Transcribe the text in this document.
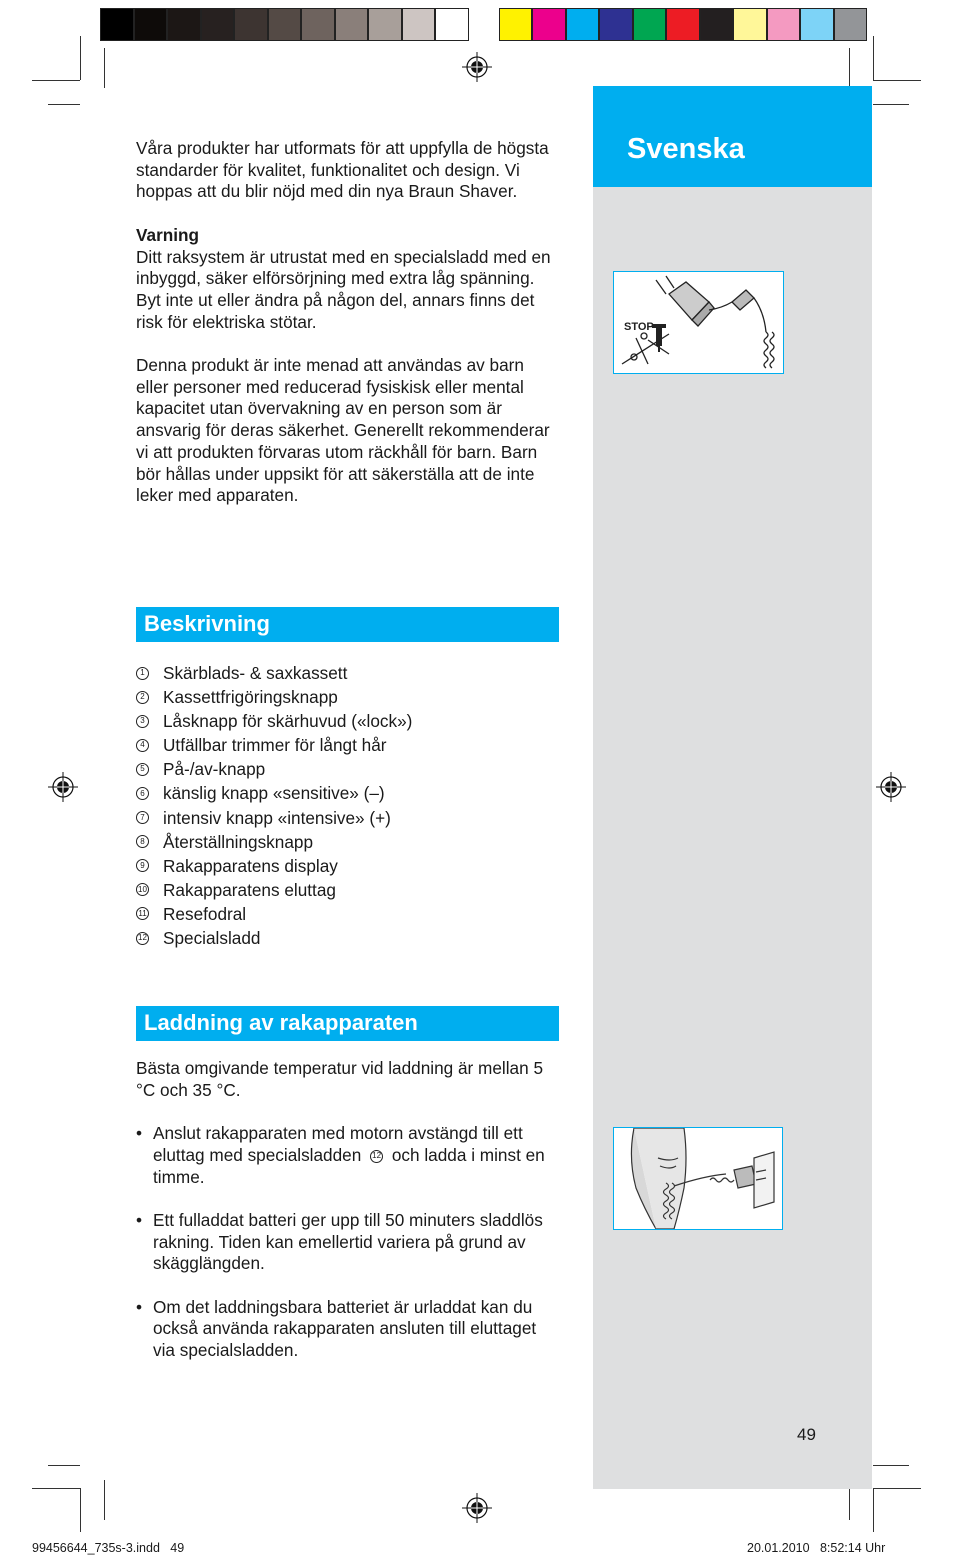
Svenska
STOP

Våra produkter har utformats för att uppfylla de högsta standarder för kvalitet, funktionalitet och design. Vi hoppas att du blir nöjd med din nya Braun Shaver.

Varning

Ditt raksystem är utrustat med en specialsladd med en inbyggd, säker elförsörjning med extra låg spänning. Byt inte ut eller ändra på någon del, annars finns det risk för elektriska stötar.

Denna produkt är inte menad att användas av barn eller personer med reducerad fysiskisk eller mental kapacitet utan övervakning av en person som är ansvarig för deras säkerhet. Generellt rekommenderar vi att produkten förvaras utom räckhåll för barn. Barn bör hållas under uppsikt för att säkerställa att de inte leker med apparaten.

Beskrivning
1 Skärblads- & saxkassett
2 Kassettfrigöringsknapp
3 Låsknapp för skärhuvud («lock»)
4 Utfällbar trimmer för långt hår
5 På-/av-knapp
6 känslig knapp «sensitive» (–)
7 intensiv knapp «intensive» (+)
8 Återställningsknapp
9 Rakapparatens display
10 Rakapparatens eluttag
11 Resefodral
12 Specialsladd
Laddning av rakapparaten

Bästa omgivande temperatur vid laddning är mellan 5 °C och 35 °C.

• Anslut rakapparaten med motorn avstängd till ett eluttag med specialsladden 12 och ladda i minst en timme.
• Ett fulladdat batteri ger upp till 50 minuters sladdlös rakning. Tiden kan emellertid variera på grund av skägglängden.
• Om det laddningsbara batteriet är urladdat kan du också använda rakapparaten ansluten till eluttaget via specialsladden.
49
99456644_735s-3.indd   49	20.01.2010   8:52:14 Uhr
